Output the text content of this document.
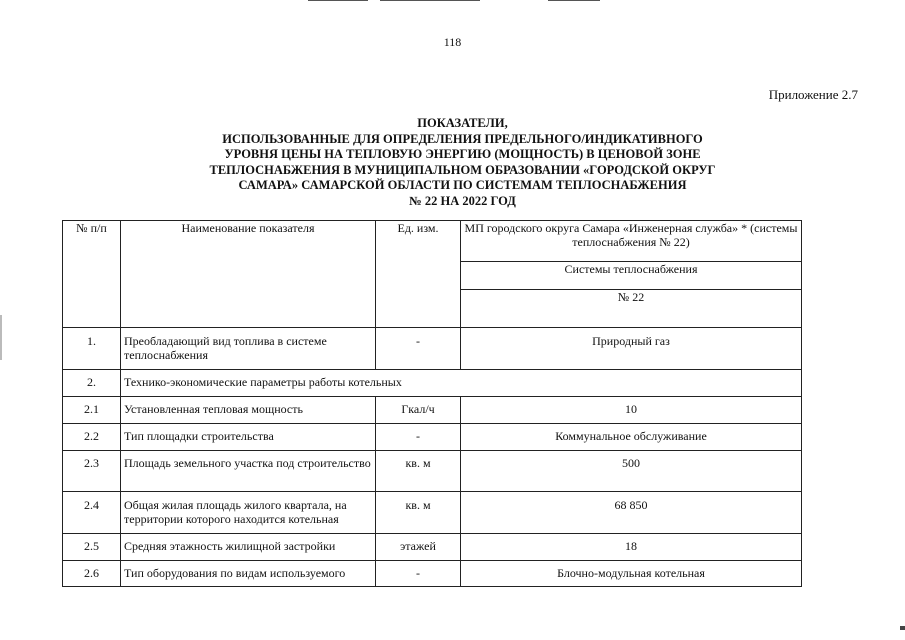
118
Приложение 2.7
ПОКАЗАТЕЛИ,
ИСПОЛЬЗОВАННЫЕ ДЛЯ ОПРЕДЕЛЕНИЯ ПРЕДЕЛЬНОГО/ИНДИКАТИВНОГО
УРОВНЯ ЦЕНЫ НА ТЕПЛОВУЮ ЭНЕРГИЮ (МОЩНОСТЬ) В ЦЕНОВОЙ ЗОНЕ
ТЕПЛОСНАБЖЕНИЯ В МУНИЦИПАЛЬНОМ ОБРАЗОВАНИИ «ГОРОДСКОЙ ОКРУГ
САМАРА» САМАРСКОЙ ОБЛАСТИ ПО СИСТЕМАМ ТЕПЛОСНАБЖЕНИЯ
№ 22 НА 2022 ГОД
№ п/п	Наименование показателя	Ед. изм.	МП городского округа Самара «Инженерная служба» * (системы теплоснабжения № 22)
			Системы теплоснабжения
			№ 22
1.	Преобладающий вид топлива в системе теплоснабжения	-	Природный газ
2.	Технико-экономические параметры работы котельных		
2.1	Установленная тепловая мощность	Гкал/ч	10
2.2	Тип площадки строительства	-	Коммунальное обслуживание
2.3	Площадь земельного участка под строительство	кв. м	500
2.4	Общая жилая площадь жилого квартала, на территории которого находится котельная	кв. м	68 850
2.5	Средняя этажность жилищной застройки	этажей	18
2.6	Тип оборудования по видам используемого	-	Блочно-модульная котельная
